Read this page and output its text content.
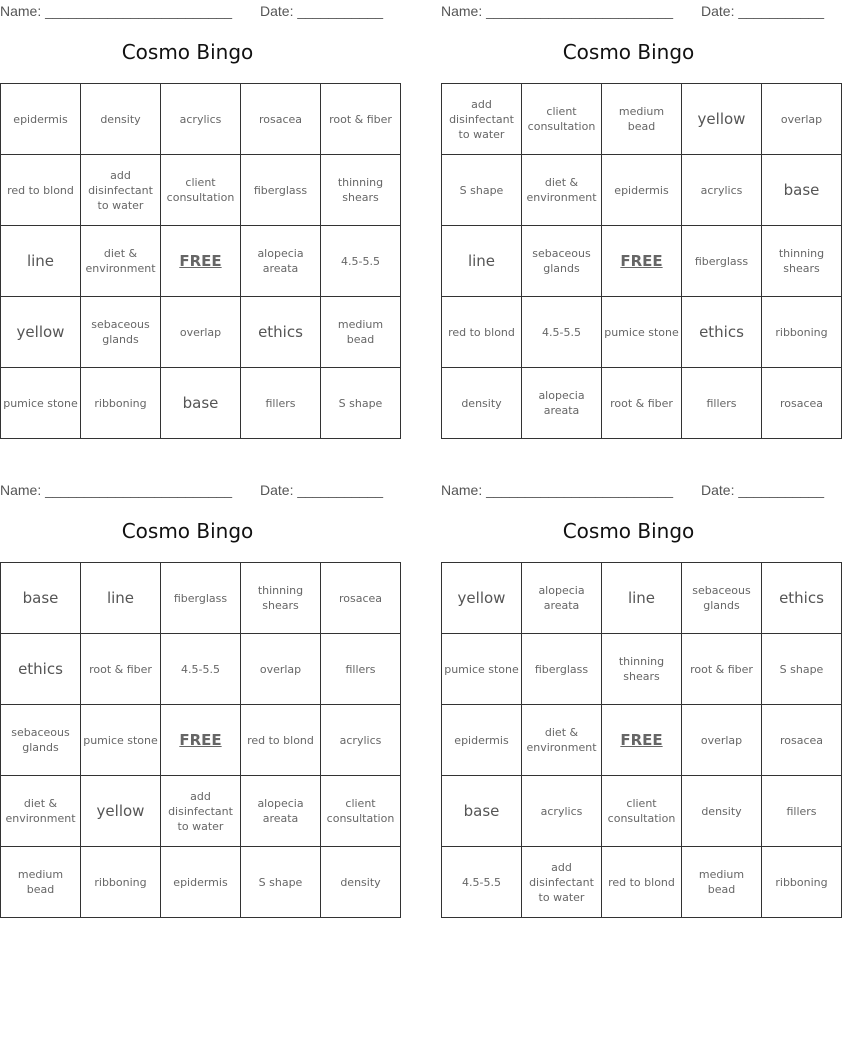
Name: ________________________ Date: ___________
Cosmo Bingo
epidermis	density	acrylics	rosacea	root & fiber
red to blond	add disinfectant to water	client consultation	fiberglass	thinning shears
line	diet & environment	FREE	alopecia areata	4.5-5.5
yellow	sebaceous glands	overlap	ethics	medium bead
pumice stone	ribboning	base	fillers	S shape
Name: ________________________ Date: ___________
Cosmo Bingo
add disinfectant to water	client consultation	medium bead	yellow	overlap
S shape	diet & environment	epidermis	acrylics	base
line	sebaceous glands	FREE	fiberglass	thinning shears
red to blond	4.5-5.5	pumice stone	ethics	ribboning
density	alopecia areata	root & fiber	fillers	rosacea
Name: ________________________ Date: ___________
Cosmo Bingo
base	line	fiberglass	thinning shears	rosacea
ethics	root & fiber	4.5-5.5	overlap	fillers
sebaceous glands	pumice stone	FREE	red to blond	acrylics
diet & environment	yellow	add disinfectant to water	alopecia areata	client consultation
medium bead	ribboning	epidermis	S shape	density
Name: ________________________ Date: ___________
Cosmo Bingo
yellow	alopecia areata	line	sebaceous glands	ethics
pumice stone	fiberglass	thinning shears	root & fiber	S shape
epidermis	diet & environment	FREE	overlap	rosacea
base	acrylics	client consultation	density	fillers
4.5-5.5	add disinfectant to water	red to blond	medium bead	ribboning
